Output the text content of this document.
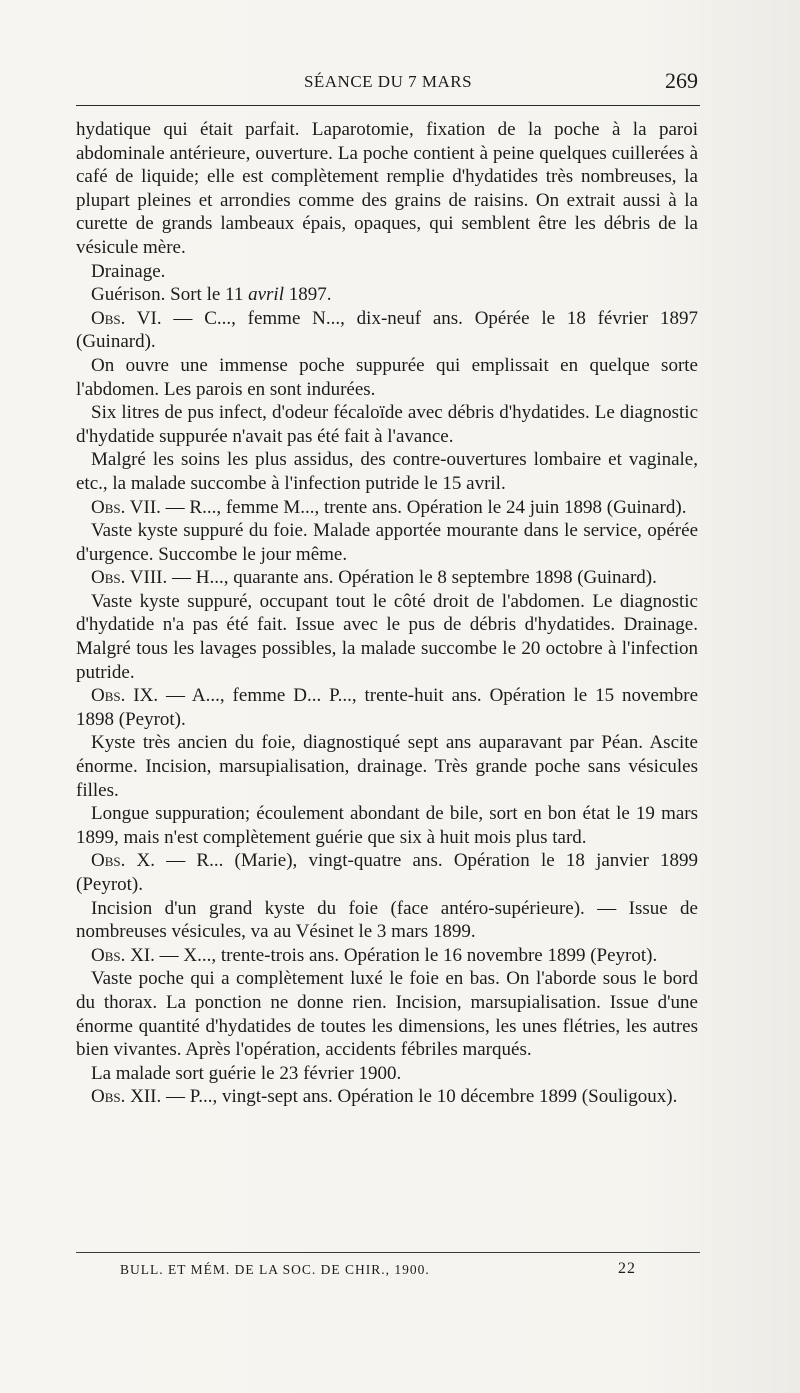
SÉANCE DU 7 MARS	269

hydatique qui était parfait. Laparotomie, fixation de la poche à la paroi abdominale antérieure, ouverture. La poche contient à peine quelques cuillerées à café de liquide; elle est complètement remplie d'hydatides très nombreuses, la plupart pleines et arrondies comme des grains de raisins. On extrait aussi à la curette de grands lambeaux épais, opaques, qui semblent être les débris de la vésicule mère.

Drainage.

Guérison. Sort le 11 avril 1897.

Obs. VI. — C..., femme N..., dix-neuf ans. Opérée le 18 février 1897 (Guinard).

On ouvre une immense poche suppurée qui emplissait en quelque sorte l'abdomen. Les parois en sont indurées.

Six litres de pus infect, d'odeur fécaloïde avec débris d'hydatides. Le diagnostic d'hydatide suppurée n'avait pas été fait à l'avance.

Malgré les soins les plus assidus, des contre-ouvertures lombaire et vaginale, etc., la malade succombe à l'infection putride le 15 avril.

Obs. VII. — R..., femme M..., trente ans. Opération le 24 juin 1898 (Guinard).

Vaste kyste suppuré du foie. Malade apportée mourante dans le service, opérée d'urgence. Succombe le jour même.

Obs. VIII. — H..., quarante ans. Opération le 8 septembre 1898 (Guinard).

Vaste kyste suppuré, occupant tout le côté droit de l'abdomen. Le diagnostic d'hydatide n'a pas été fait. Issue avec le pus de débris d'hydatides. Drainage. Malgré tous les lavages possibles, la malade succombe le 20 octobre à l'infection putride.

Obs. IX. — A..., femme D... P..., trente-huit ans. Opération le 15 novembre 1898 (Peyrot).

Kyste très ancien du foie, diagnostiqué sept ans auparavant par Péan. Ascite énorme. Incision, marsupialisation, drainage. Très grande poche sans vésicules filles.

Longue suppuration; écoulement abondant de bile, sort en bon état le 19 mars 1899, mais n'est complètement guérie que six à huit mois plus tard.

Obs. X. — R... (Marie), vingt-quatre ans. Opération le 18 janvier 1899 (Peyrot).

Incision d'un grand kyste du foie (face antéro-supérieure). — Issue de nombreuses vésicules, va au Vésinet le 3 mars 1899.

Obs. XI. — X..., trente-trois ans. Opération le 16 novembre 1899 (Peyrot).

Vaste poche qui a complètement luxé le foie en bas. On l'aborde sous le bord du thorax. La ponction ne donne rien. Incision, marsupialisation. Issue d'une énorme quantité d'hydatides de toutes les dimensions, les unes flétries, les autres bien vivantes. Après l'opération, accidents fébriles marqués.

La malade sort guérie le 23 février 1900.

Obs. XII. — P..., vingt-sept ans. Opération le 10 décembre 1899 (Souligoux).

BULL. ET MÉM. DE LA SOC. DE CHIR., 1900.	22
